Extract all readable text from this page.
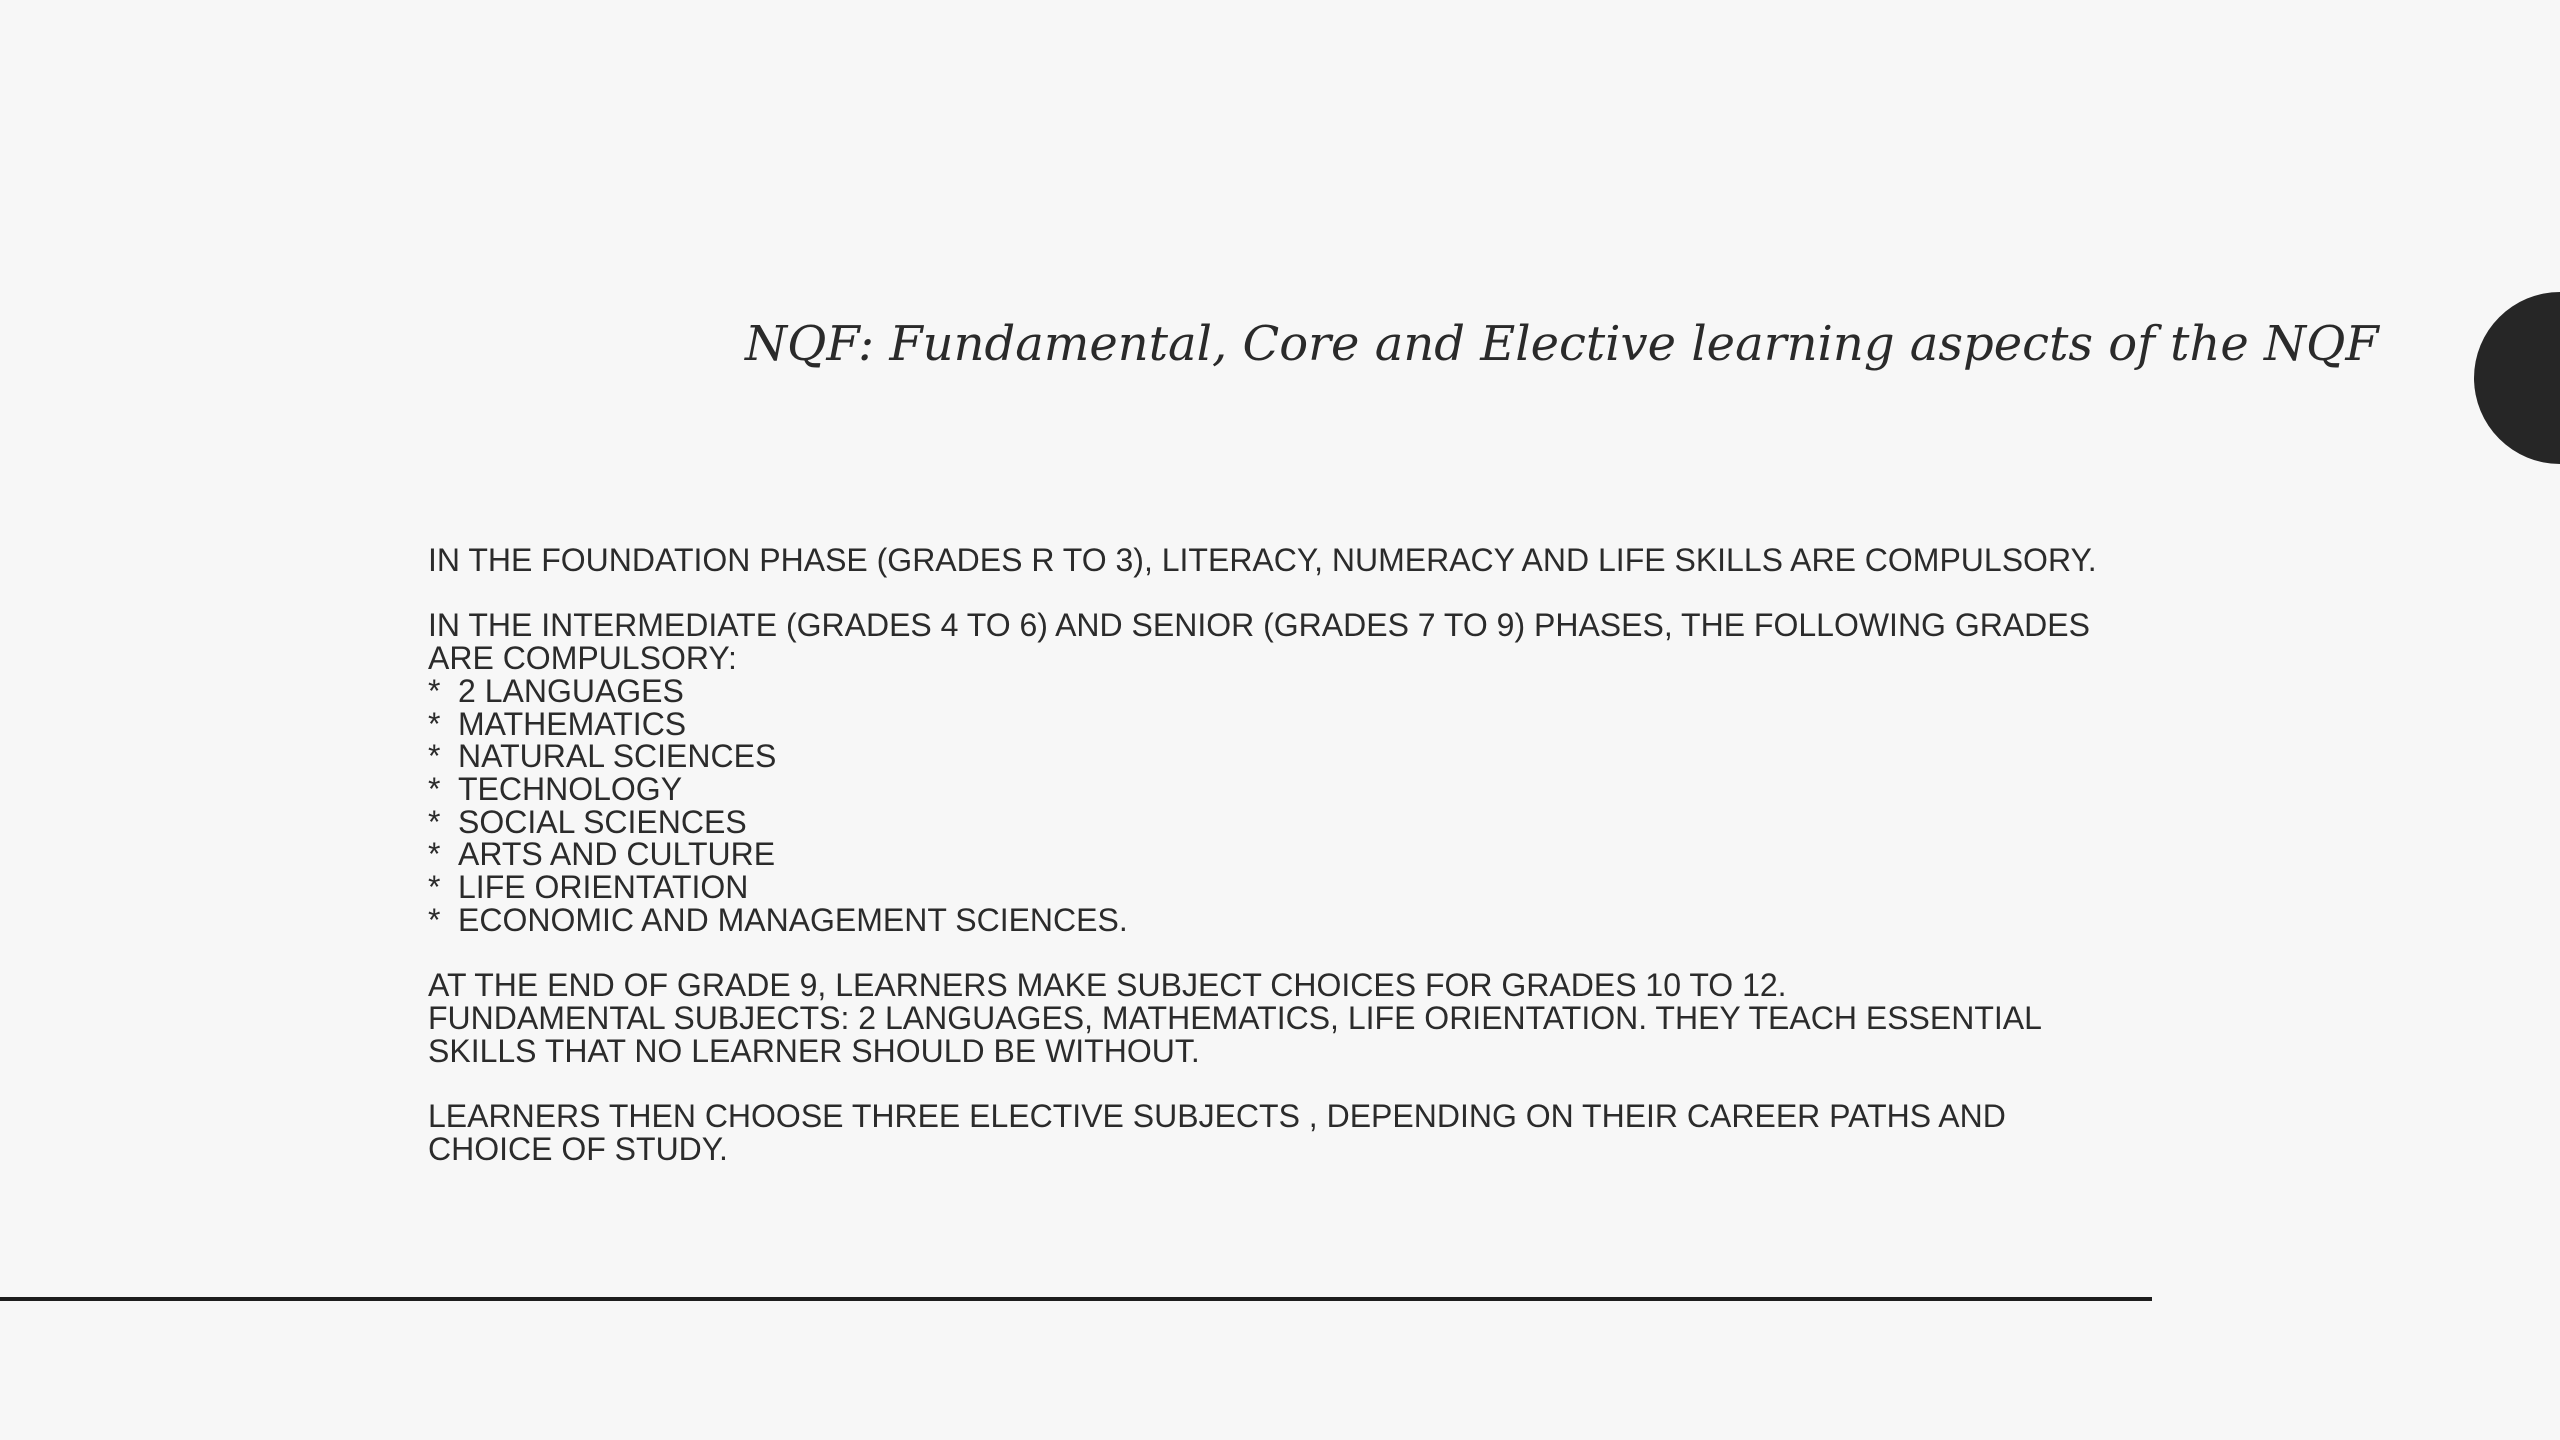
NQF: Fundamental, Core and Elective learning aspects of the NQF

IN THE FOUNDATION PHASE (GRADES R TO 3), LITERACY, NUMERACY AND LIFE SKILLS ARE COMPULSORY.

IN THE INTERMEDIATE (GRADES 4 TO 6) AND SENIOR (GRADES 7 TO 9) PHASES, THE FOLLOWING GRADES
ARE COMPULSORY:
* 2 LANGUAGES
* MATHEMATICS
* NATURAL SCIENCES
* TECHNOLOGY
* SOCIAL SCIENCES
* ARTS AND CULTURE
* LIFE ORIENTATION
* ECONOMIC AND MANAGEMENT SCIENCES.
AT THE END OF GRADE 9, LEARNERS MAKE SUBJECT CHOICES FOR GRADES 10 TO 12.
FUNDAMENTAL SUBJECTS: 2 LANGUAGES, MATHEMATICS, LIFE ORIENTATION. THEY TEACH ESSENTIAL
SKILLS THAT NO LEARNER SHOULD BE WITHOUT.
LEARNERS THEN CHOOSE THREE ELECTIVE SUBJECTS , DEPENDING ON THEIR CAREER PATHS AND
CHOICE OF STUDY.
